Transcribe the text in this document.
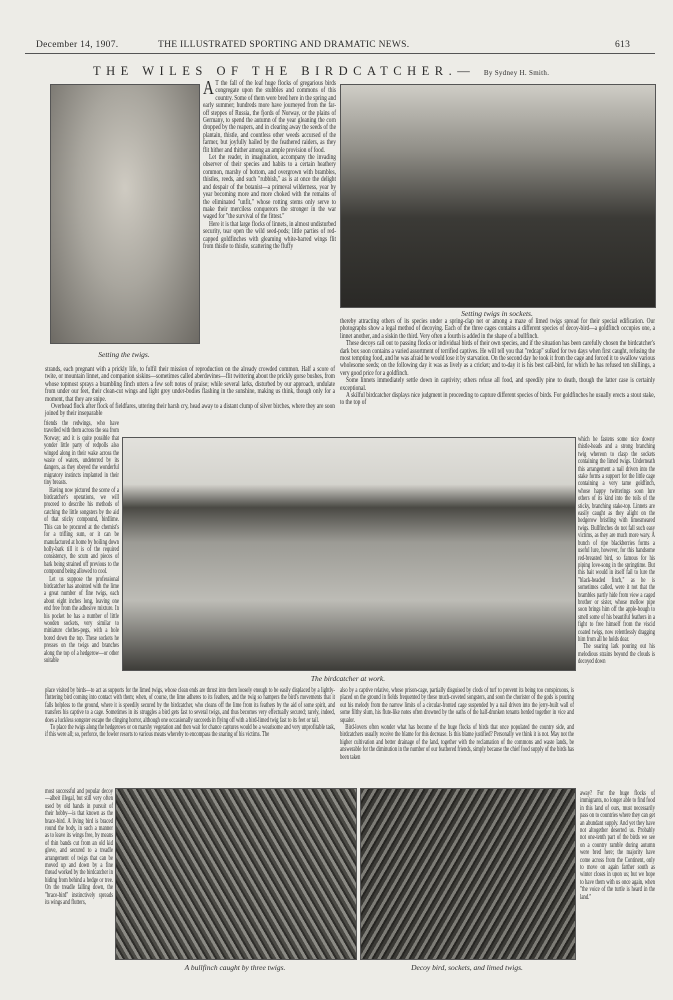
December 14, 1907.	THE ILLUSTRATED SPORTING AND DRAMATIC NEWS.	613
THE WILES OF THE BIRDCATCHER.— By Sydney H. Smith.
Setting the twigs.

A T the fall of the leaf huge flocks of gregarious birds congregate upon the stubbles and commons of this country. Some of them were bred here in the spring and early summer; hundreds more have journeyed from the far-off steppes of Russia, the fjords of Norway, or the plains of Germany, to spend the autumn of the year gleaning the corn dropped by the reapers, and in clearing away the seeds of the plantain, thistle, and countless other weeds accursed of the farmer, but joyfully hailed by the feathered raiders, as they flit hither and thither among an ample provision of food.

Let the reader, in imagination, accompany the invading observer of their species and habits to a certain heathery common, marshy of bottom, and overgrown with brambles, thistles, reeds, and such "rubbish," as is at once the delight and despair of the botanist—a primeval wilderness, year by year becoming more and more choked with the remains of the eliminated "unfit," whose rotting stems only serve to make their merciless conquerors the stronger in the war waged for "the survival of the fittest."

Here it is that large flocks of linnets, in almost undisturbed security, tear open the wild seed-pods; little parties of red-capped goldfinches with gleaming white-barred wings flit from thistle to thistle, scattering the fluffy

Setting twigs in sockets.

strands, each pregnant with a prickly life, to fulfil their mission of reproduction on the already crowded common. Half a score of twite, or mountain linnet, and companion siskins—sometimes called aberdevines—flit twittering about the prickly gorse bushes, from whose topmost sprays a brambling finch utters a few soft notes of praise; while several larks, disturbed by our approach, undulate from under our feet, their clean-cut wings and light grey under-bodies flashing in the sunshine, making us think, though only for a moment, that they are snipe.

Overhead flock after flock of fieldfares, uttering their harsh cry, head away to a distant clump of silver birches, where they are soon joined by their inseparable

thereby attracting others of its species under a spring-clap net or among a maze of limed twigs spread for their special edification. Our photographs show a legal method of decoying. Each of the three cages contains a different species of decoy-bird—a goldfinch occupies one, a linnet another, and a siskin the third. Very often a fourth is added in the shape of a bullfinch.

These decoys call out to passing flocks or individual birds of their own species, and if the situation has been carefully chosen the birdcatcher's dark box soon contains a varied assortment of terrified captives. He will tell you that "redcap" sulked for two days when first caught, refusing the most tempting food, and he was afraid he would lose it by starvation. On the second day he took it from the cage and forced it to swallow various wholesome seeds; on the following day it was as lively as a cricket; and to-day it is his best call-bird, for which he has refused ten shillings, a very good price for a goldfinch.

Some linnets immediately settle down in captivity; others refuse all food, and speedily pine to death, though the latter case is certainly exceptional.

A skilful birdcatcher displays nice judgment in proceeding to capture different species of birds. For goldfinches he usually erects a stout stake, to the top of

friends the redwings, who have travelled with them across the sea from Norway; and it is quite possible that yonder little party of redpolls also winged along in their wake across the waste of waters, undeterred by its dangers, as they obeyed the wonderful migratory instincts implanted in their tiny breasts.

Having now pictured the scene of a birdcatcher's operations, we will proceed to describe his methods of catching the little songsters by the aid of that sticky compound, birdlime. This can be procured at the chemist's for a trifling sum, or it can be manufactured at home by boiling down holly-bark till it is of the required consistency, the scum and pieces of bark being strained off previous to the compound being allowed to cool.

Let us suppose the professional birdcatcher has anointed with the lime a great number of fine twigs, each about eight inches long, leaving one end free from the adhesive mixture. In his pocket he has a number of little wooden sockets, very similar to miniature clothes-pegs, with a hole bored down the top. These sockets he presses on the twigs and branches along the top of a hedgerow—or other suitable

The birdcatcher at work.

which he fastens some nice downy thistle-heads and a strong branching twig whereon to clasp the sockets containing the limed twigs. Underneath this arrangement a nail driven into the stake forms a support for the little cage containing a very tame goldfinch, whose happy twitterings soon lure others of its kind into the toils of the sticky, branching stake-top. Linnets are easily caught as they alight on the hedgerow bristling with limesmeared twigs. Bullfinches do not fall such easy victims, as they are much more wary. A bunch of ripe blackberries forms a useful lure, however, for this handsome red-breasted bird, so famous for his piping love-song in the springtime. But this bait would in itself fail to lure the "black-headed finch," as he is sometimes called, were it not that the brambles partly hide from view a caged brother or sister, whose mellow pipe soon brings him off the apple-bough to smell some of his beautiful feathers in a fight to free himself from the viscid coated twigs, now relentlessly dragging him from all he holds dear.

The soaring lark pouring out his melodious strains beyond the clouds is decoyed down

place visited by birds—to act as supports for the limed twigs, whose clean ends are thrust into them loosely enough to be easily displaced by a lightly-fluttering bird coming into contact with them; when, of course, the lime adheres to its feathers, and the twig so hampers the bird's movements that it falls helpless to the ground, where it is speedily secured by the birdcatcher, who cleans off the lime from its feathers by the aid of some spirit, and transfers his captive to a cage. Sometimes in its struggles a bird gets fast to several twigs, and thus becomes very effectually secured; rarely, indeed, does a luckless songster escape the clinging horror, although one occasionally succeeds in flying off with a bird-limed twig fast to its feet or tail.

To place the twigs along the hedgerows or on marshy vegetation and then wait for chance captures would be a wearisome and very unprofitable task, if this were all; so, perforce, the fowler resorts to various means whereby to encompass the snaring of his victims. The

also by a captive relative, whose prison-cage, partially disguised by clods of turf to prevent its being too conspicuous, is placed on the ground in fields frequented by these much-coveted songsters, and soon the chorister of the gods is pouring out his melody from the narrow limits of a circular-fronted cage suspended by a nail driven into the jerry-built wall of some filthy slum, his flute-like notes often drowned by the oaths of the half-drunken tenants herded together in vice and squalor.

Bird-lovers often wonder what has become of the huge flocks of birds that once populated the country side, and birdcatchers usually receive the blame for this decrease. Is this blame justified? Personally we think it is not. May not the higher cultivation and better drainage of the land, together with the reclamation of the commons and waste lands, be answerable for the diminution in the number of our feathered friends, simply because the chief food supply of the birds has been taken

most successful and popular decoy—albeit illegal, but still very often used by old hands in pursuit of their hobby—is that known as the brace-bird. A living bird is braced round the body, in such a manner as to leave its wings free, by means of thin bands cut from an old kid glove, and secured to a treadle arrangement of twigs that can be moved up and down by a fine thread worked by the birdcatcher in hiding from behind a hedge or tree. On the treadle falling down, the "brace-bird" instinctively spreads its wings and flutters,

A bullfinch caught by three twigs.	Decoy bird, sockets, and limed twigs.

away? For the huge flocks of immigrants, no longer able to find food in this land of ours, must necessarily pass on to countries where they can get an abundant supply. And yet they have not altogether deserted us. Probably not one-tenth part of the birds we see on a country ramble during autumn were bred here; the majority have come across from the Continent, only to move on again farther south as winter closes in upon us; but we hope to have them with us once again, when "the voice of the turtle is heard in the land."
